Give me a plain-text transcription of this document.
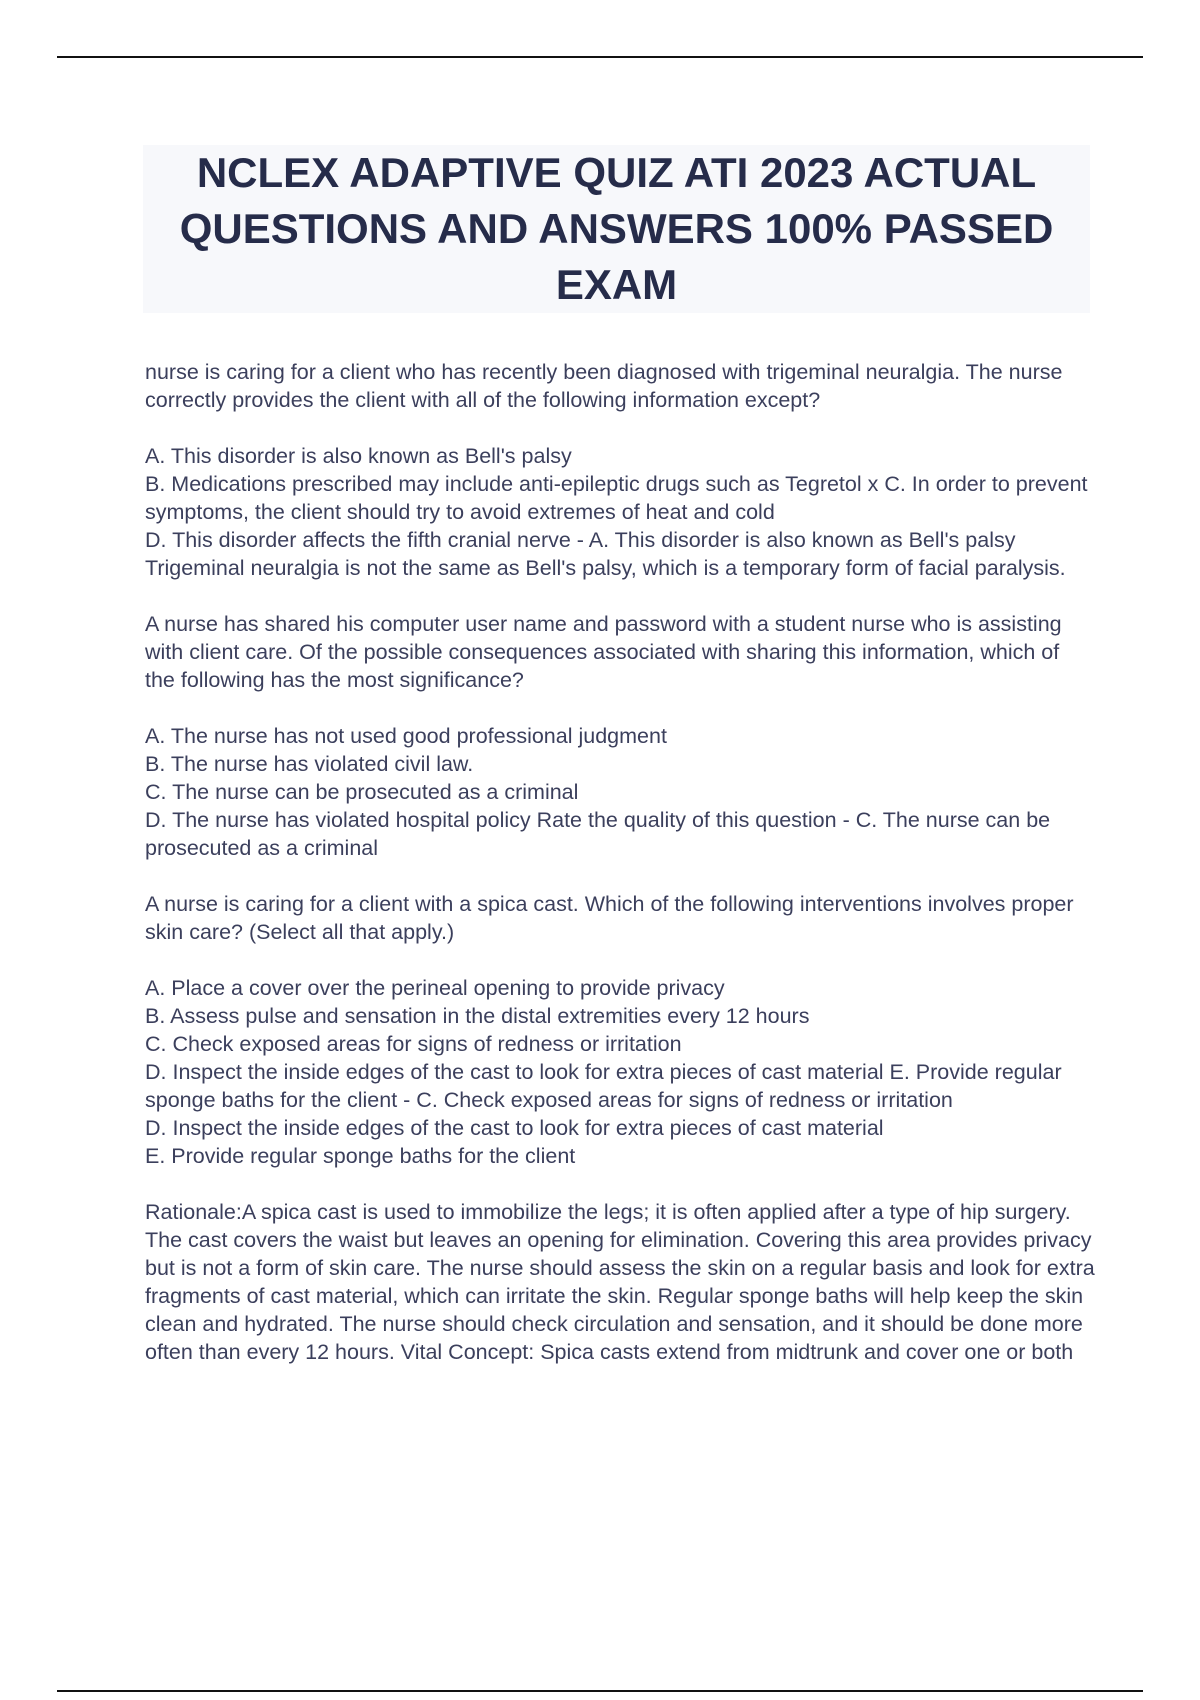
NCLEX ADAPTIVE QUIZ ATI 2023 ACTUAL QUESTIONS AND ANSWERS 100% PASSED EXAM

nurse is caring for a client who has recently been diagnosed with trigeminal neuralgia. The nurse correctly provides the client with all of the following information except?

A. This disorder is also known as Bell's palsy
B. Medications prescribed may include anti-epileptic drugs such as Tegretol x C. In order to prevent symptoms, the client should try to avoid extremes of heat and cold
D. This disorder affects the fifth cranial nerve - A. This disorder is also known as Bell's palsy Trigeminal neuralgia is not the same as Bell's palsy, which is a temporary form of facial paralysis.

A nurse has shared his computer user name and password with a student nurse who is assisting with client care. Of the possible consequences associated with sharing this information, which of the following has the most significance?

A. The nurse has not used good professional judgment
B. The nurse has violated civil law.
C. The nurse can be prosecuted as a criminal
D. The nurse has violated hospital policy Rate the quality of this question - C. The nurse can be prosecuted as a criminal

A nurse is caring for a client with a spica cast. Which of the following interventions involves proper skin care? (Select all that apply.)

A. Place a cover over the perineal opening to provide privacy
B. Assess pulse and sensation in the distal extremities every 12 hours
C. Check exposed areas for signs of redness or irritation
D. Inspect the inside edges of the cast to look for extra pieces of cast material E. Provide regular sponge baths for the client - C. Check exposed areas for signs of redness or irritation
D. Inspect the inside edges of the cast to look for extra pieces of cast material
E. Provide regular sponge baths for the client

Rationale:A spica cast is used to immobilize the legs; it is often applied after a type of hip surgery. The cast covers the waist but leaves an opening for elimination. Covering this area provides privacy but is not a form of skin care. The nurse should assess the skin on a regular basis and look for extra fragments of cast material, which can irritate the skin. Regular sponge baths will help keep the skin clean and hydrated. The nurse should check circulation and sensation, and it should be done more often than every 12 hours. Vital Concept: Spica casts extend from midtrunk and cover one or both
